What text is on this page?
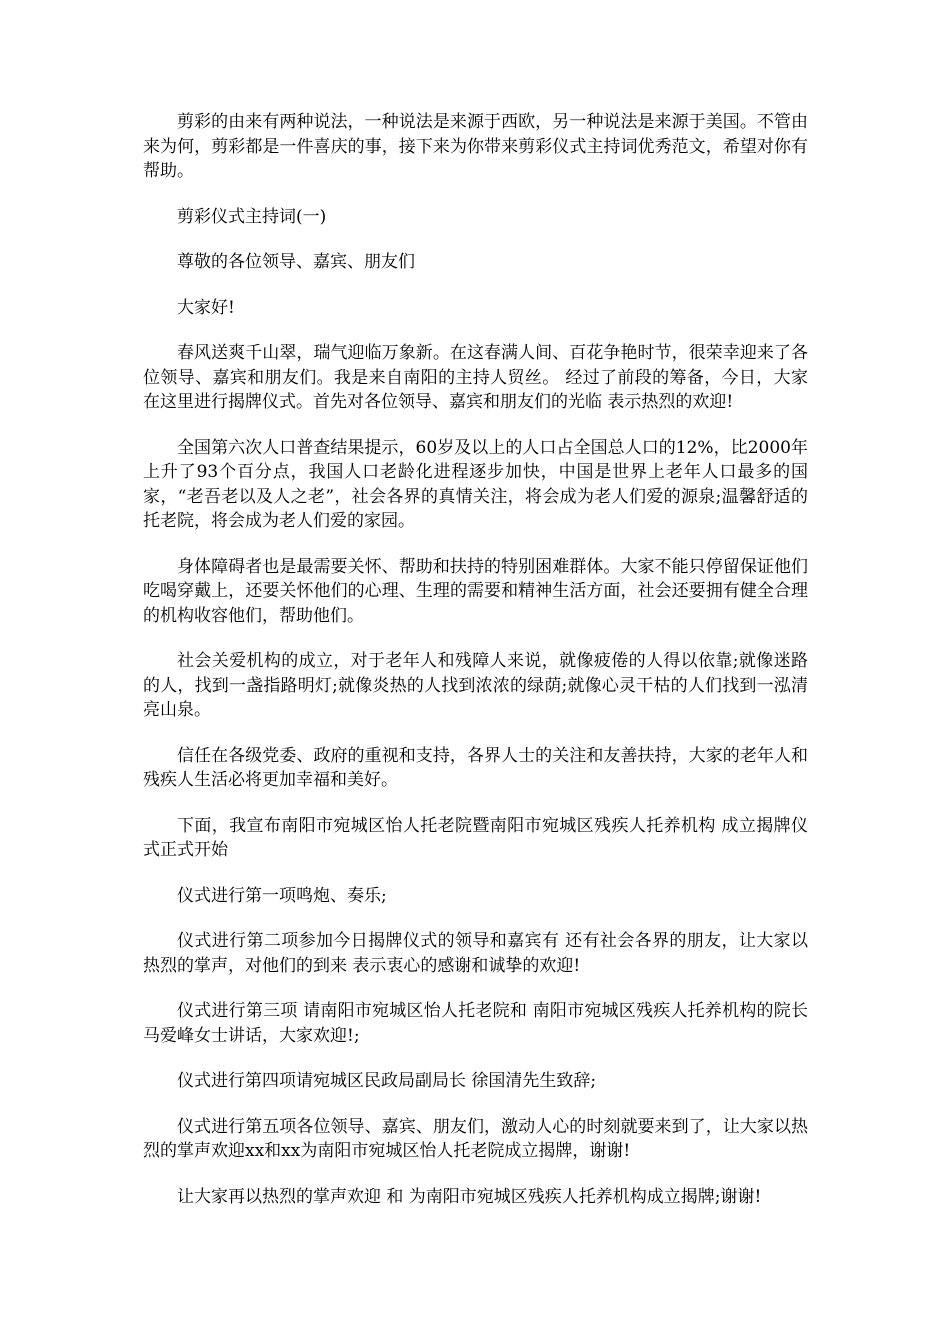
剪彩的由来有两种说法，一种说法是来源于西欧，另一种说法是来源于美国。不管由来为何，剪彩都是一件喜庆的事，接下来为你带来剪彩仪式主持词优秀范文，希望对你有帮助。

剪彩仪式主持词(一)

尊敬的各位领导、嘉宾、朋友们

大家好!

春风送爽千山翠，瑞气迎临万象新。在这春满人间、百花争艳时节，很荣幸迎来了各位领导、嘉宾和朋友们。我是来自南阳的主持人贸丝。 经过了前段的筹备，今日，大家在这里进行揭牌仪式。首先对各位领导、嘉宾和朋友们的光临 表示热烈的欢迎!

全国第六次人口普查结果提示，60岁及以上的人口占全国总人口的12%，比2000年上升了93个百分点，我国人口老龄化进程逐步加快，中国是世界上老年人口最多的国家，“老吾老以及人之老”，社会各界的真情关注，将会成为老人们爱的源泉;温馨舒适的托老院，将会成为老人们爱的家园。

身体障碍者也是最需要关怀、帮助和扶持的特别困难群体。大家不能只停留保证他们吃喝穿戴上，还要关怀他们的心理、生理的需要和精神生活方面，社会还要拥有健全合理的机构收容他们，帮助他们。

社会关爱机构的成立，对于老年人和残障人来说，就像疲倦的人得以依靠;就像迷路的人，找到一盏指路明灯;就像炎热的人找到浓浓的绿荫;就像心灵干枯的人们找到一泓清亮山泉。

信任在各级党委、政府的重视和支持，各界人士的关注和友善扶持，大家的老年人和残疾人生活必将更加幸福和美好。

下面，我宣布南阳市宛城区怡人托老院暨南阳市宛城区残疾人托养机构 成立揭牌仪式正式开始

仪式进行第一项鸣炮、奏乐;

仪式进行第二项参加今日揭牌仪式的领导和嘉宾有 还有社会各界的朋友，让大家以热烈的掌声，对他们的到来 表示衷心的感谢和诚挚的欢迎!

仪式进行第三项 请南阳市宛城区怡人托老院和 南阳市宛城区残疾人托养机构的院长 马爱峰女士讲话，大家欢迎!;

仪式进行第四项请宛城区民政局副局长 徐国清先生致辞;

仪式进行第五项各位领导、嘉宾、朋友们，激动人心的时刻就要来到了，让大家以热烈的掌声欢迎xx和xx为南阳市宛城区怡人托老院成立揭牌，谢谢!

让大家再以热烈的掌声欢迎 和 为南阳市宛城区残疾人托养机构成立揭牌;谢谢!
